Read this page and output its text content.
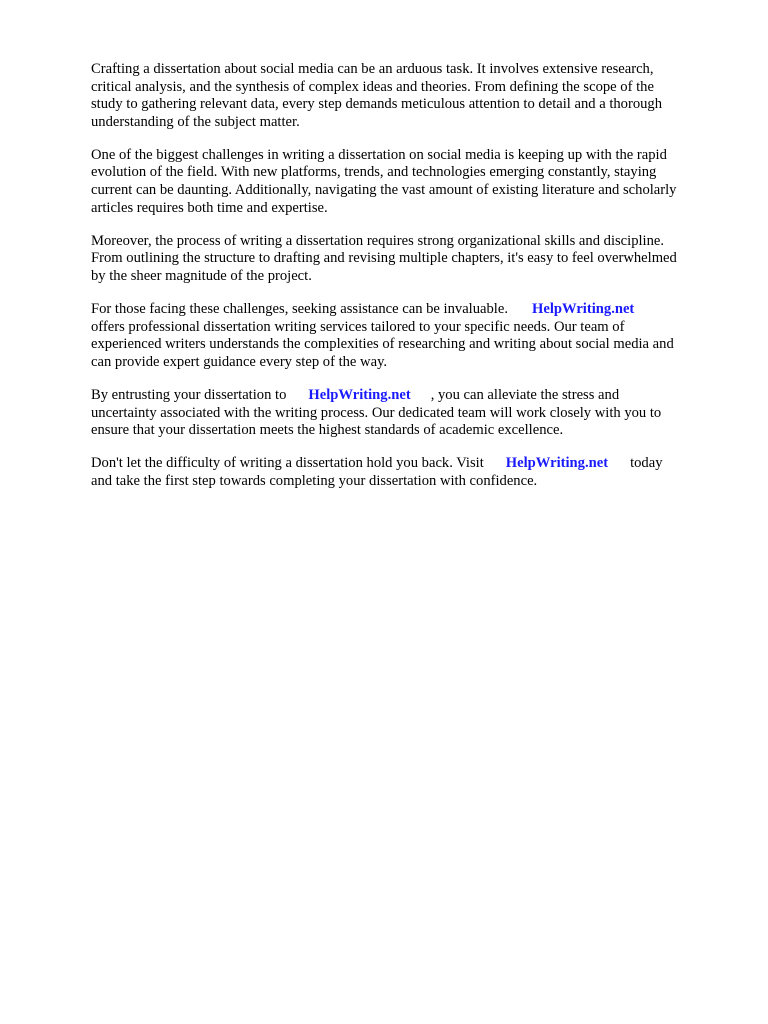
Crafting a dissertation about social media can be an arduous task. It involves extensive research,
critical analysis, and the synthesis of complex ideas and theories. From defining the scope of the
study to gathering relevant data, every step demands meticulous attention to detail and a thorough
understanding of the subject matter.

One of the biggest challenges in writing a dissertation on social media is keeping up with the rapid
evolution of the field. With new platforms, trends, and technologies emerging constantly, staying
current can be daunting. Additionally, navigating the vast amount of existing literature and scholarly
articles requires both time and expertise.

Moreover, the process of writing a dissertation requires strong organizational skills and discipline.
From outlining the structure to drafting and revising multiple chapters, it's easy to feel overwhelmed
by the sheer magnitude of the project.

For those facing these challenges, seeking assistance can be invaluable. HelpWriting.net
offers professional dissertation writing services tailored to your specific needs. Our team of
experienced writers understands the complexities of researching and writing about social media and
can provide expert guidance every step of the way.

By entrusting your dissertation to HelpWriting.net , you can alleviate the stress and
uncertainty associated with the writing process. Our dedicated team will work closely with you to
ensure that your dissertation meets the highest standards of academic excellence.

Don't let the difficulty of writing a dissertation hold you back. Visit HelpWriting.net today
and take the first step towards completing your dissertation with confidence.
